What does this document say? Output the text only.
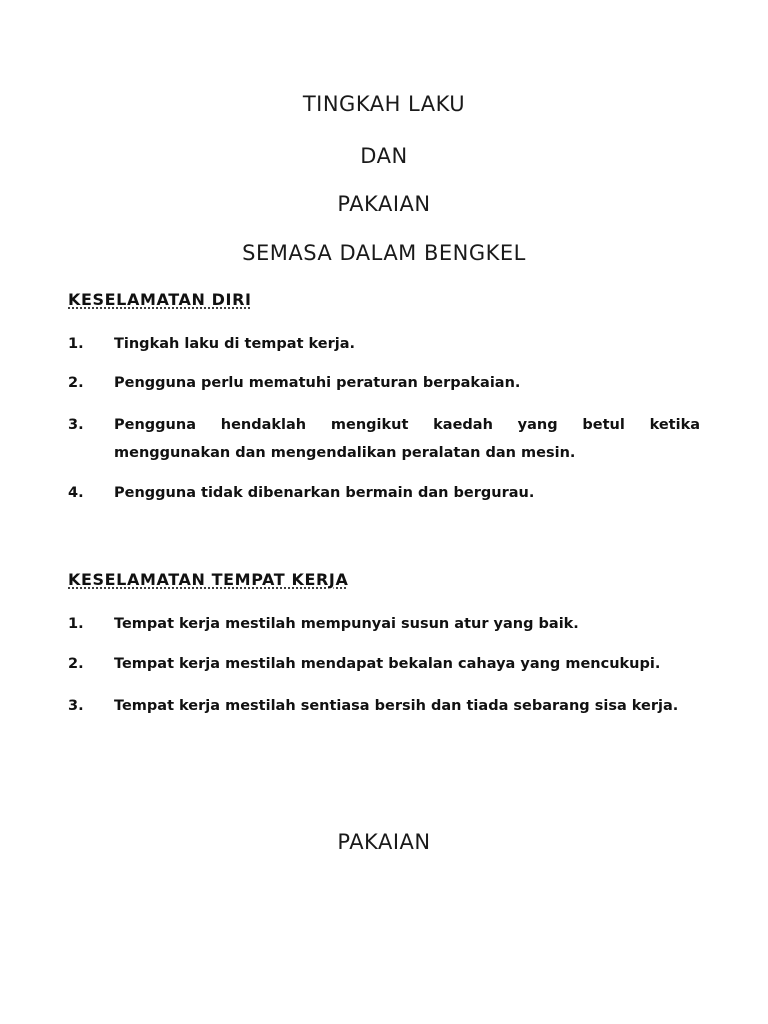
TINGKAH LAKU
DAN
PAKAIAN
SEMASA DALAM BENGKEL
KESELAMATAN DIRI
1.	Tingkah laku di tempat kerja.
2.	Pengguna perlu mematuhi peraturan berpakaian.
3.	Pengguna hendaklah mengikut kaedah yang betul ketika menggunakan dan mengendalikan peralatan dan mesin.
4.	Pengguna tidak dibenarkan bermain dan bergurau.
KESELAMATAN TEMPAT KERJA
1.	Tempat kerja mestilah mempunyai susun atur yang baik.
2.	Tempat kerja mestilah mendapat bekalan cahaya yang mencukupi.
3.	Tempat kerja mestilah sentiasa bersih dan tiada sebarang sisa kerja.
PAKAIAN
